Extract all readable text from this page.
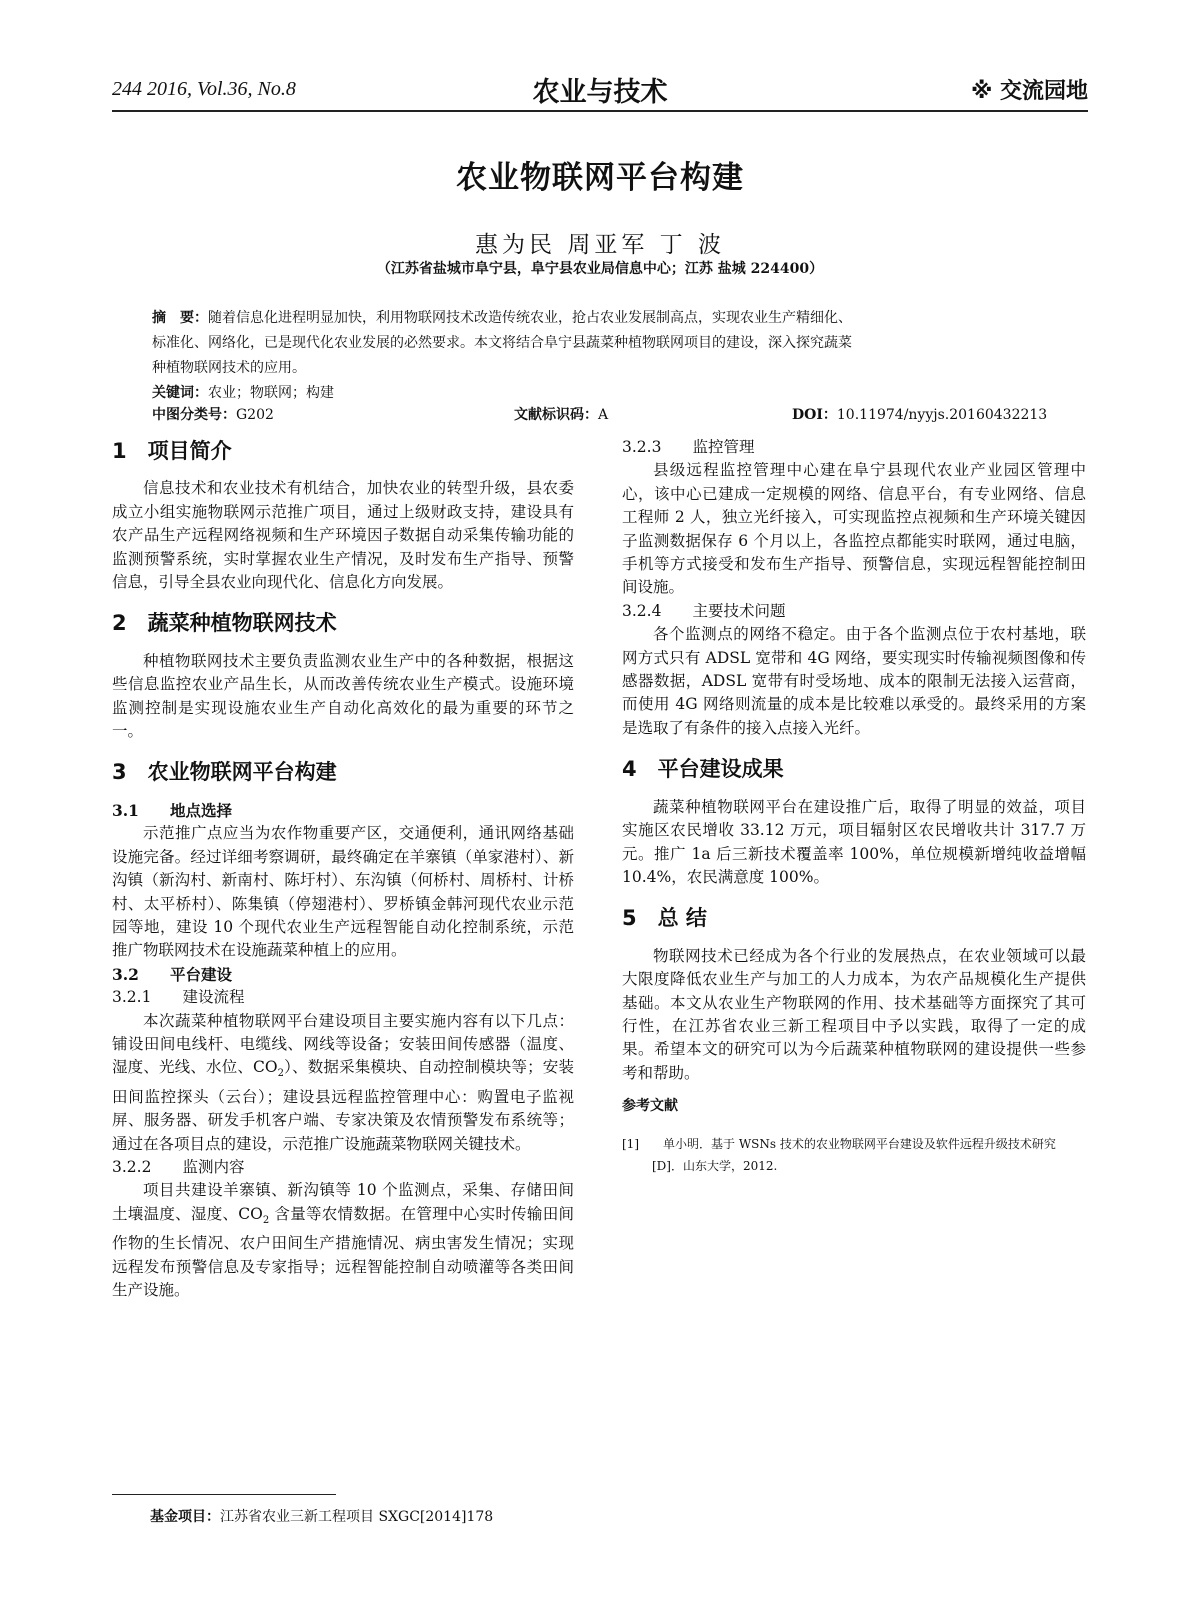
244 2016, Vol.36, No.8	农业与技术	※ 交流园地
农业物联网平台构建
惠为民 周亚军 丁 波
（江苏省盐城市阜宁县，阜宁县农业局信息中心；江苏 盐城 224400）
摘　要：随着信息化进程明显加快，利用物联网技术改造传统农业，抢占农业发展制高点，实现农业生产精细化、
标准化、网络化，已是现代化农业发展的必然要求。本文将结合阜宁县蔬菜种植物联网项目的建设，深入探究蔬菜
种植物联网技术的应用。
关键词：农业；物联网；构建
中图分类号：G202	文献标识码：A	DOI：10.11974/nyyjs.20160432213
1　项目简介

信息技术和农业技术有机结合，加快农业的转型升级，县农委成立小组实施物联网示范推广项目，通过上级财政支持，建设具有农产品生产远程网络视频和生产环境因子数据自动采集传输功能的监测预警系统，实时掌握农业生产情况，及时发布生产指导、预警信息，引导全县农业向现代化、信息化方向发展。

2　蔬菜种植物联网技术

种植物联网技术主要负责监测农业生产中的各种数据，根据这些信息监控农业产品生长，从而改善传统农业生产模式。设施环境监测控制是实现设施农业生产自动化高效化的最为重要的环节之一。

3　农业物联网平台构建
3.1　　地点选择

示范推广点应当为农作物重要产区，交通便利，通讯网络基础设施完备。经过详细考察调研，最终确定在羊寨镇（单家港村）、新沟镇（新沟村、新南村、陈圩村）、东沟镇（何桥村、周桥村、计桥村、太平桥村）、陈集镇（停翅港村）、罗桥镇金韩河现代农业示范园等地，建设 10 个现代农业生产远程智能自动化控制系统，示范推广物联网技术在设施蔬菜种植上的应用。

3.2　　平台建设
3.2.1　　建设流程

本次蔬菜种植物联网平台建设项目主要实施内容有以下几点：铺设田间电线杆、电缆线、网线等设备；安装田间传感器（温度、湿度、光线、水位、$CO_2$）、数据采集模块、自动控制模块等；安装田间监控探头（云台）；建设县远程监控管理中心：购置电子监视屏、服务器、研发手机客户端、专家决策及农情预警发布系统等；通过在各项目点的建设，示范推广设施蔬菜物联网关键技术。

3.2.2　　监测内容

项目共建设羊寨镇、新沟镇等 10 个监测点，采集、存储田间土壤温度、湿度、$CO_2$ 含量等农情数据。在管理中心实时传输田间作物的生长情况、农户田间生产措施情况、病虫害发生情况；实现远程发布预警信息及专家指导；远程智能控制自动喷灌等各类田间生产设施。

3.2.3　　监控管理

县级远程监控管理中心建在阜宁县现代农业产业园区管理中心，该中心已建成一定规模的网络、信息平台，有专业网络、信息工程师 2 人，独立光纤接入，可实现监控点视频和生产环境关键因子监测数据保存 6 个月以上，各监控点都能实时联网，通过电脑，手机等方式接受和发布生产指导、预警信息，实现远程智能控制田间设施。

3.2.4　　主要技术问题

各个监测点的网络不稳定。由于各个监测点位于农村基地，联网方式只有 ADSL 宽带和 4G 网络，要实现实时传输视频图像和传感器数据，ADSL 宽带有时受场地、成本的限制无法接入运营商，而使用 4G 网络则流量的成本是比较难以承受的。最终采用的方案是选取了有条件的接入点接入光纤。

4　平台建设成果

蔬菜种植物联网平台在建设推广后，取得了明显的效益，项目实施区农民增收 33.12 万元，项目辐射区农民增收共计 317.7 万元。推广 1a 后三新技术覆盖率 100%，单位规模新增纯收益增幅 10.4%，农民满意度 100%。

5　总 结

物联网技术已经成为各个行业的发展热点，在农业领域可以最大限度降低农业生产与加工的人力成本，为农产品规模化生产提供基础。本文从农业生产物联网的作用、技术基础等方面探究了其可行性，在江苏省农业三新工程项目中予以实践，取得了一定的成果。希望本文的研究可以为今后蔬菜种植物联网的建设提供一些参考和帮助。

参考文献
[1]　　单小明．基于 WSNs 技术的农业物联网平台建设及软件远程升级技术研究 [D]．山东大学，2012.
基金项目：江苏省农业三新工程项目 SXGC[2014]178
